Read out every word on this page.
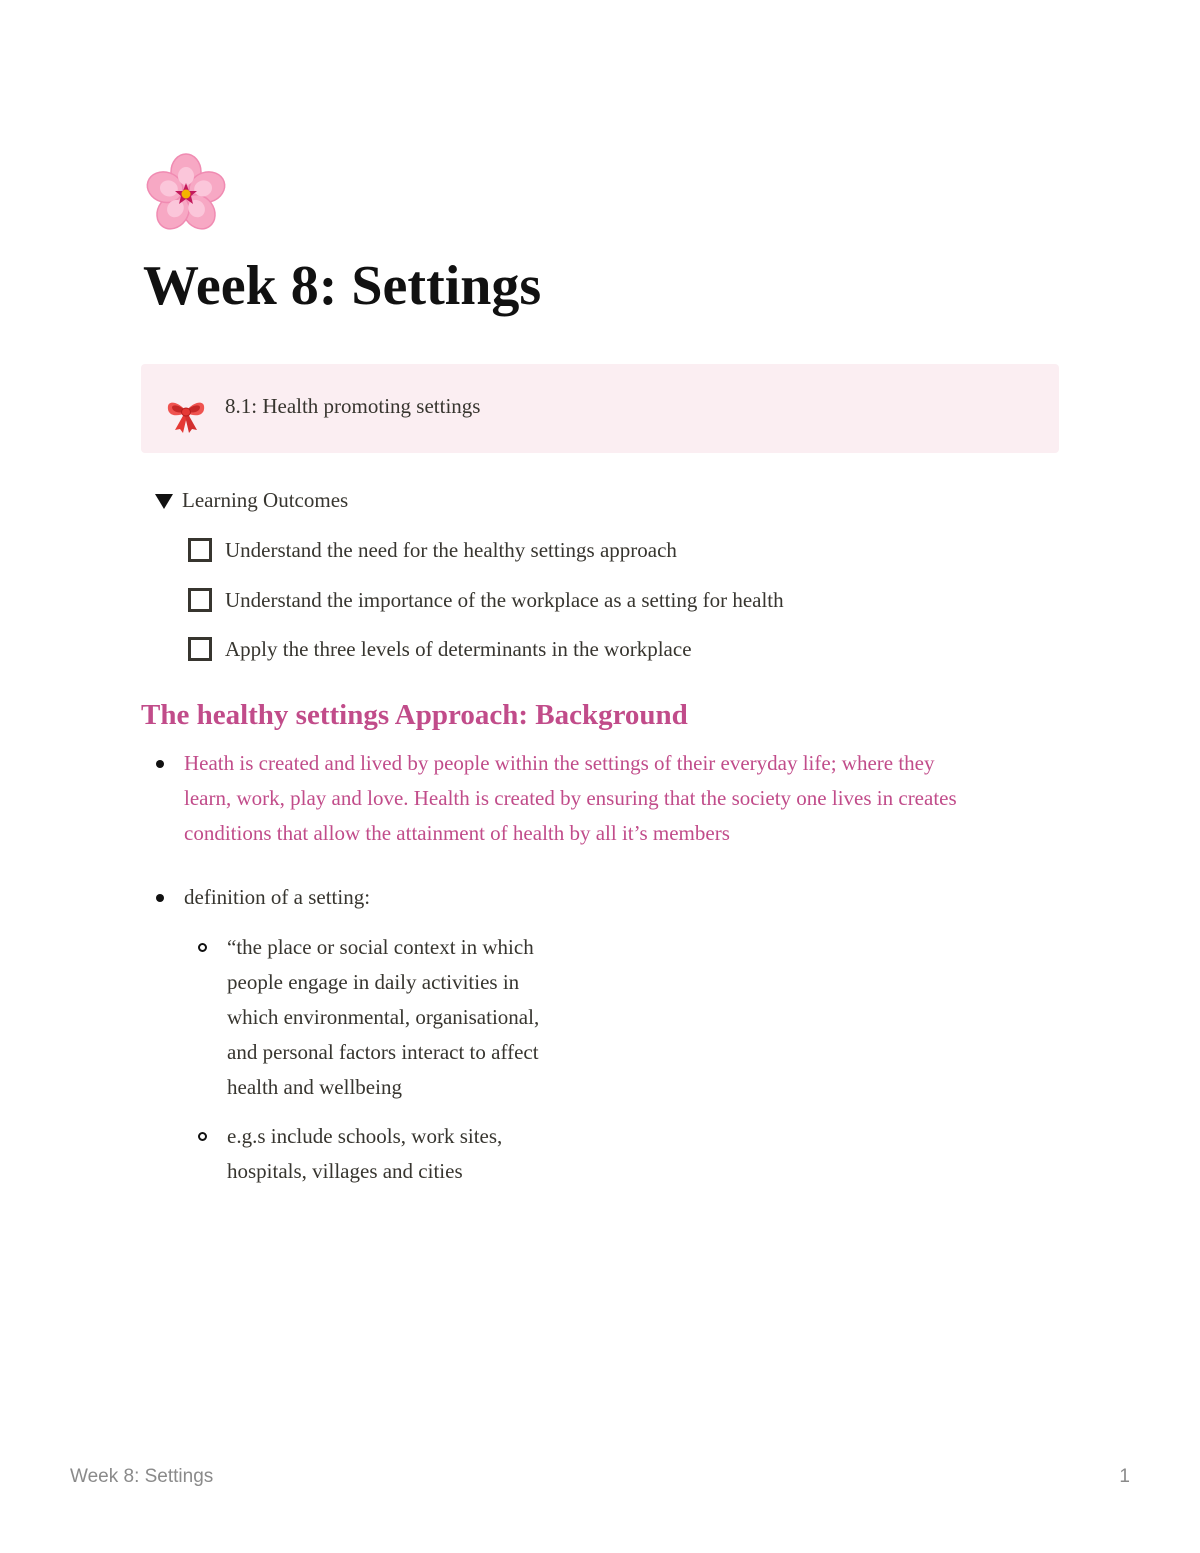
Week 8: Settings
8.1: Health promoting settings
Learning Outcomes
Understand the need for the healthy settings approach
Understand the importance of the workplace as a setting for health
Apply the three levels of determinants in the workplace
The healthy settings Approach: Background
Heath is created and lived by people within the settings of their everyday life; where they
learn, work, play and love. Health is created by ensuring that the society one lives in creates
conditions that allow the attainment of health by all it’s members
definition of a setting:
“the place or social context in which
people engage in daily activities in
which environmental, organisational,
and personal factors interact to affect
health and wellbeing
e.g.s include schools, work sites,
hospitals, villages and cities
Week 8: Settings	1
